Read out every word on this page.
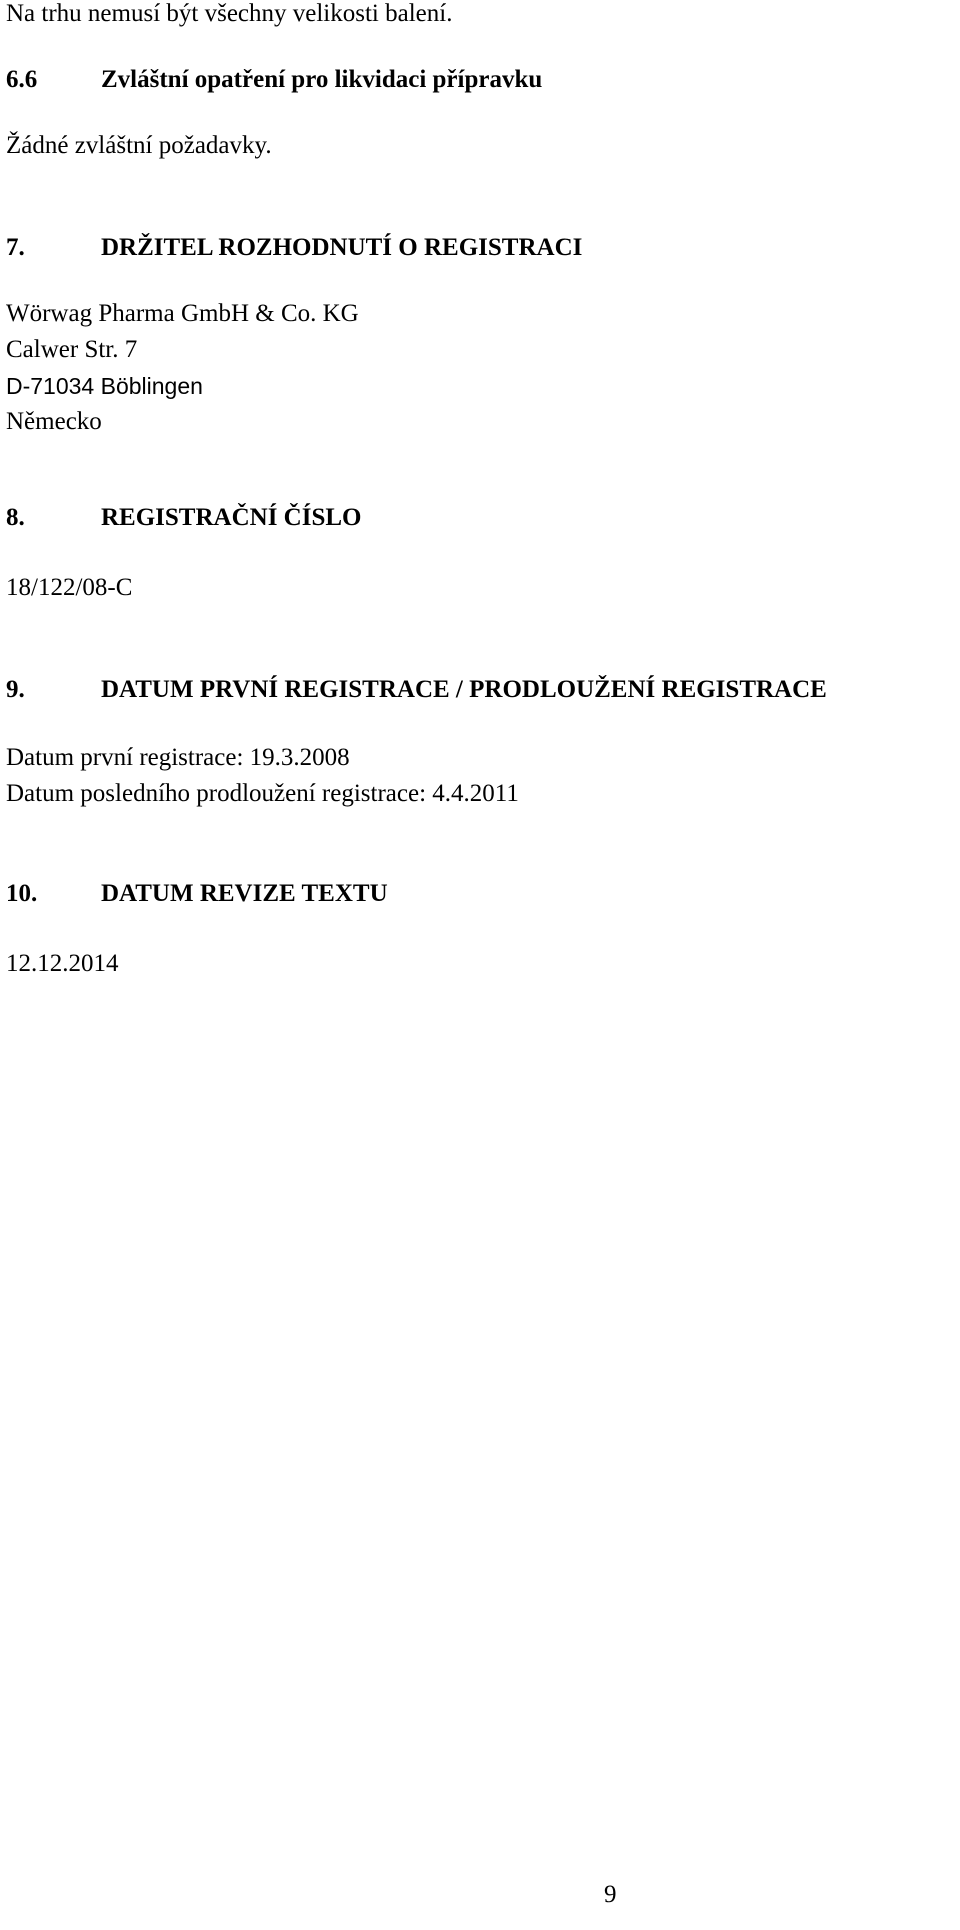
Na trhu nemusí být všechny velikosti balení.
6.6	Zvláštní opatření pro likvidaci přípravku
Žádné zvláštní požadavky.
7.	DRŽITEL ROZHODNUTÍ O REGISTRACI
Wörwag Pharma GmbH & Co. KG
Calwer Str. 7
D-71034 Böblingen
Německo
8.	REGISTRAČNÍ ČÍSLO
18/122/08-C
9.	DATUM PRVNÍ REGISTRACE / PRODLOUŽENÍ REGISTRACE
Datum první registrace: 19.3.2008
Datum posledního prodloužení registrace: 4.4.2011
10.	DATUM REVIZE TEXTU
12.12.2014
9
